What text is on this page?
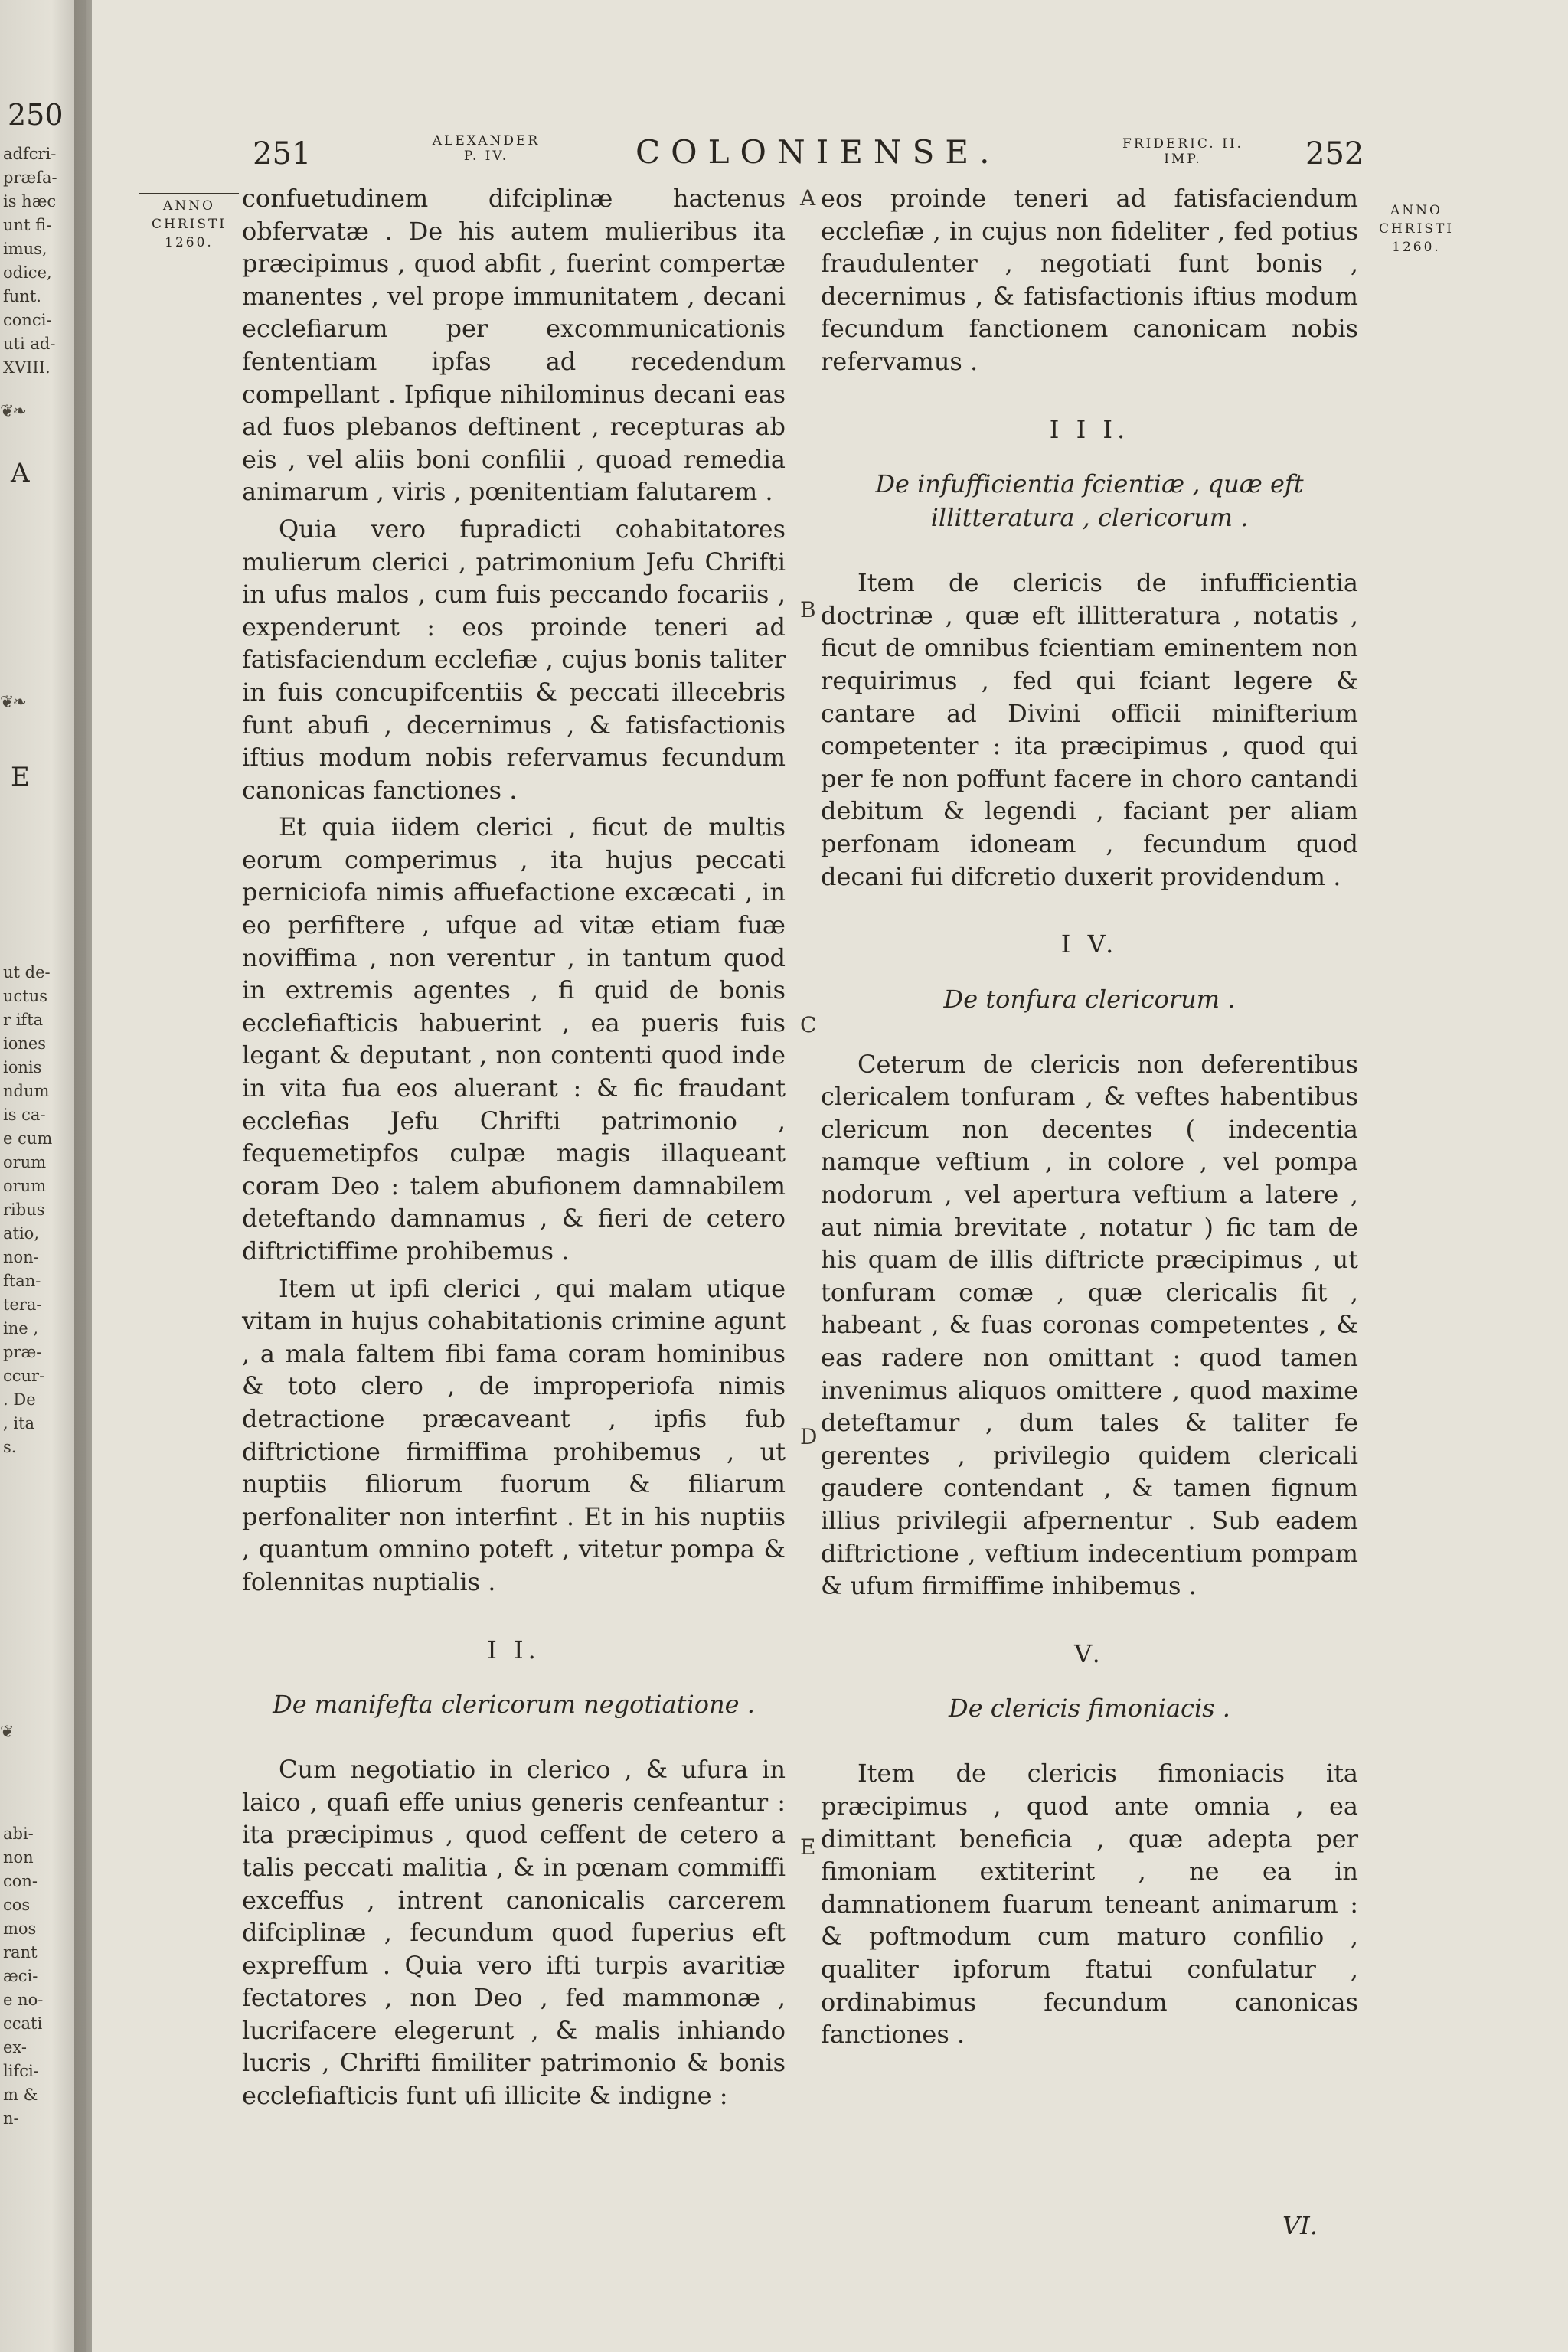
250
adfcri-
præfa-
is hæc
unt fi-
imus,
odice,
funt.
conci-
uti ad-
XVIII.
❦❧
A
❦❧
E
ut de-
uctus
r ifta
iones
ionis
ndum
is ca-
e cum
orum
orum
ribus
atio,
non-
ftan-
tera-
ine ,
præ-
ccur-
. De
, ita
s.
❦
abi-
non
con-
cos
mos
rant
æci-
e no-
ccati
ex-
lifci-
m &
n-
251	ALEXANDER
P. IV.	COLONIENSE.	FRIDERIC. II.
IMP.	252
ANNO
CHRISTI
1260.
ANNO
CHRISTI
1260.
A
B
C
D
E

confuetudinem difciplinæ hactenus obfervatæ . De his autem mulieribus ita præcipimus , quod abfit , fuerint compertæ manentes , vel prope immunitatem , decani ecclefiarum per excommunicationis fententiam ipfas ad recedendum compellant . Ipfique nihilominus decani eas ad fuos plebanos deftinent , recepturas ab eis , vel aliis boni confilii , quoad remedia animarum , viris , pœnitentiam falutarem .

Quia vero fupradicti cohabitatores mulierum clerici , patrimonium Jefu Chrifti in ufus malos , cum fuis peccando focariis , expenderunt : eos proinde teneri ad fatisfaciendum ecclefiæ , cujus bonis taliter in fuis concupifcentiis & peccati illecebris funt abufi , decernimus , & fatisfactionis iftius modum nobis refervamus fecundum canonicas fanctiones .

Et quia iidem clerici , ficut de multis eorum comperimus , ita hujus peccati perniciofa nimis affuefactione excæcati , in eo perfiftere , ufque ad vitæ etiam fuæ noviffima , non verentur , in tantum quod in extremis agentes , fi quid de bonis ecclefiafticis habuerint , ea pueris fuis legant & deputant , non contenti quod inde in vita fua eos aluerant : & fic fraudant ecclefias Jefu Chrifti patrimonio , fequemetipfos culpæ magis illaqueant coram Deo : talem abufionem damnabilem deteftando damnamus , & fieri de cetero diftrictiffime prohibemus .

Item ut ipfi clerici , qui malam utique vitam in hujus cohabitationis crimine agunt , a mala faltem fibi fama coram hominibus & toto clero , de improperiofa nimis detractione præcaveant , ipfis fub diftrictione firmiffima prohibemus , ut nuptiis filiorum fuorum & filiarum perfonaliter non interfint . Et in his nuptiis , quantum omnino poteft , vitetur pompa & folennitas nuptialis .

I I.
De manifefta clericorum negotiatione .

Cum negotiatio in clerico , & ufura in laico , quafi effe unius generis cenfeantur : ita præcipimus , quod ceffent de cetero a talis peccati malitia , & in pœnam commiffi exceffus , intrent canonicalis carcerem difciplinæ , fecundum quod fuperius eft expreffum . Quia vero ifti turpis avaritiæ fectatores , non Deo , fed mammonæ , lucrifacere elegerunt , & malis inhiando lucris , Chrifti fimiliter patrimonio & bonis ecclefiafticis funt ufi illicite & indigne :

eos proinde teneri ad fatisfaciendum ecclefiæ , in cujus non fideliter , fed potius fraudulenter , negotiati funt bonis , decernimus , & fatisfactionis iftius modum fecundum fanctionem canonicam nobis refervamus .

I I I.
De infufficientia fcientiæ , quæ eft illitteratura , clericorum .

Item de clericis de infufficientia doctrinæ , quæ eft illitteratura , notatis , ficut de omnibus fcientiam eminentem non requirimus , fed qui fciant legere & cantare ad Divini officii minifterium competenter : ita præcipimus , quod qui per fe non poffunt facere in choro cantandi debitum & legendi , faciant per aliam perfonam idoneam , fecundum quod decani fui difcretio duxerit providendum .

I V.
De tonfura clericorum .

Ceterum de clericis non deferentibus clericalem tonfuram , & veftes habentibus clericum non decentes ( indecentia namque veftium , in colore , vel pompa nodorum , vel apertura veftium a latere , aut nimia brevitate , notatur ) fic tam de his quam de illis diftricte præcipimus , ut tonfuram comæ , quæ clericalis fit , habeant , & fuas coronas competentes , & eas radere non omittant : quod tamen invenimus aliquos omittere , quod maxime deteftamur , dum tales & taliter fe gerentes , privilegio quidem clericali gaudere contendant , & tamen fignum illius privilegii afpernentur . Sub eadem diftrictione , veftium indecentium pompam & ufum firmiffime inhibemus .

V.
De clericis fimoniacis .

Item de clericis fimoniacis ita præcipimus , quod ante omnia , ea dimittant beneficia , quæ adepta per fimoniam extiterint , ne ea in damnationem fuarum teneant animarum : & poftmodum cum maturo confilio , qualiter ipforum ftatui confulatur , ordinabimus fecundum canonicas fanctiones .

VI.
